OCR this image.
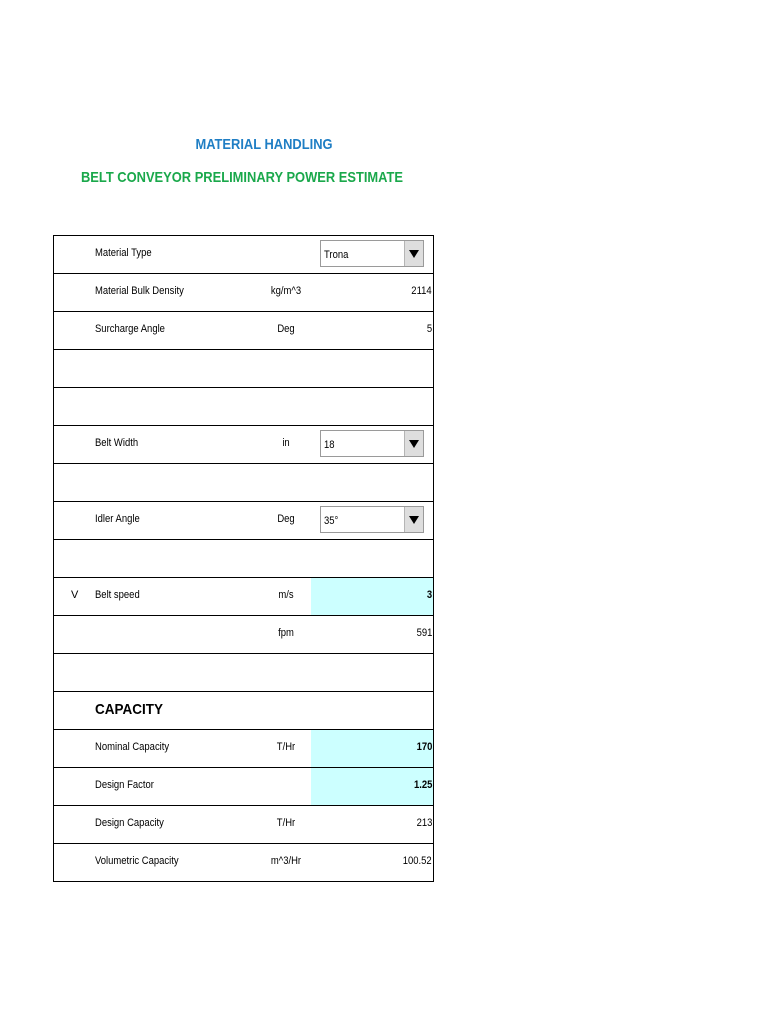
MATERIAL HANDLING
BELT CONVEYOR PRELIMINARY POWER ESTIMATE
Material Type	Trona
Material Bulk Density	kg/m^3	2114
Surcharge Angle	Deg	5
Belt Width	in	18
Idler Angle	Deg	35°
V Belt speed	m/s	3
fpm	591
CAPACITY
Nominal Capacity	T/Hr	170
Design Factor	1.25
Design Capacity	T/Hr	213
Volumetric Capacity	m^3/Hr	100.52
